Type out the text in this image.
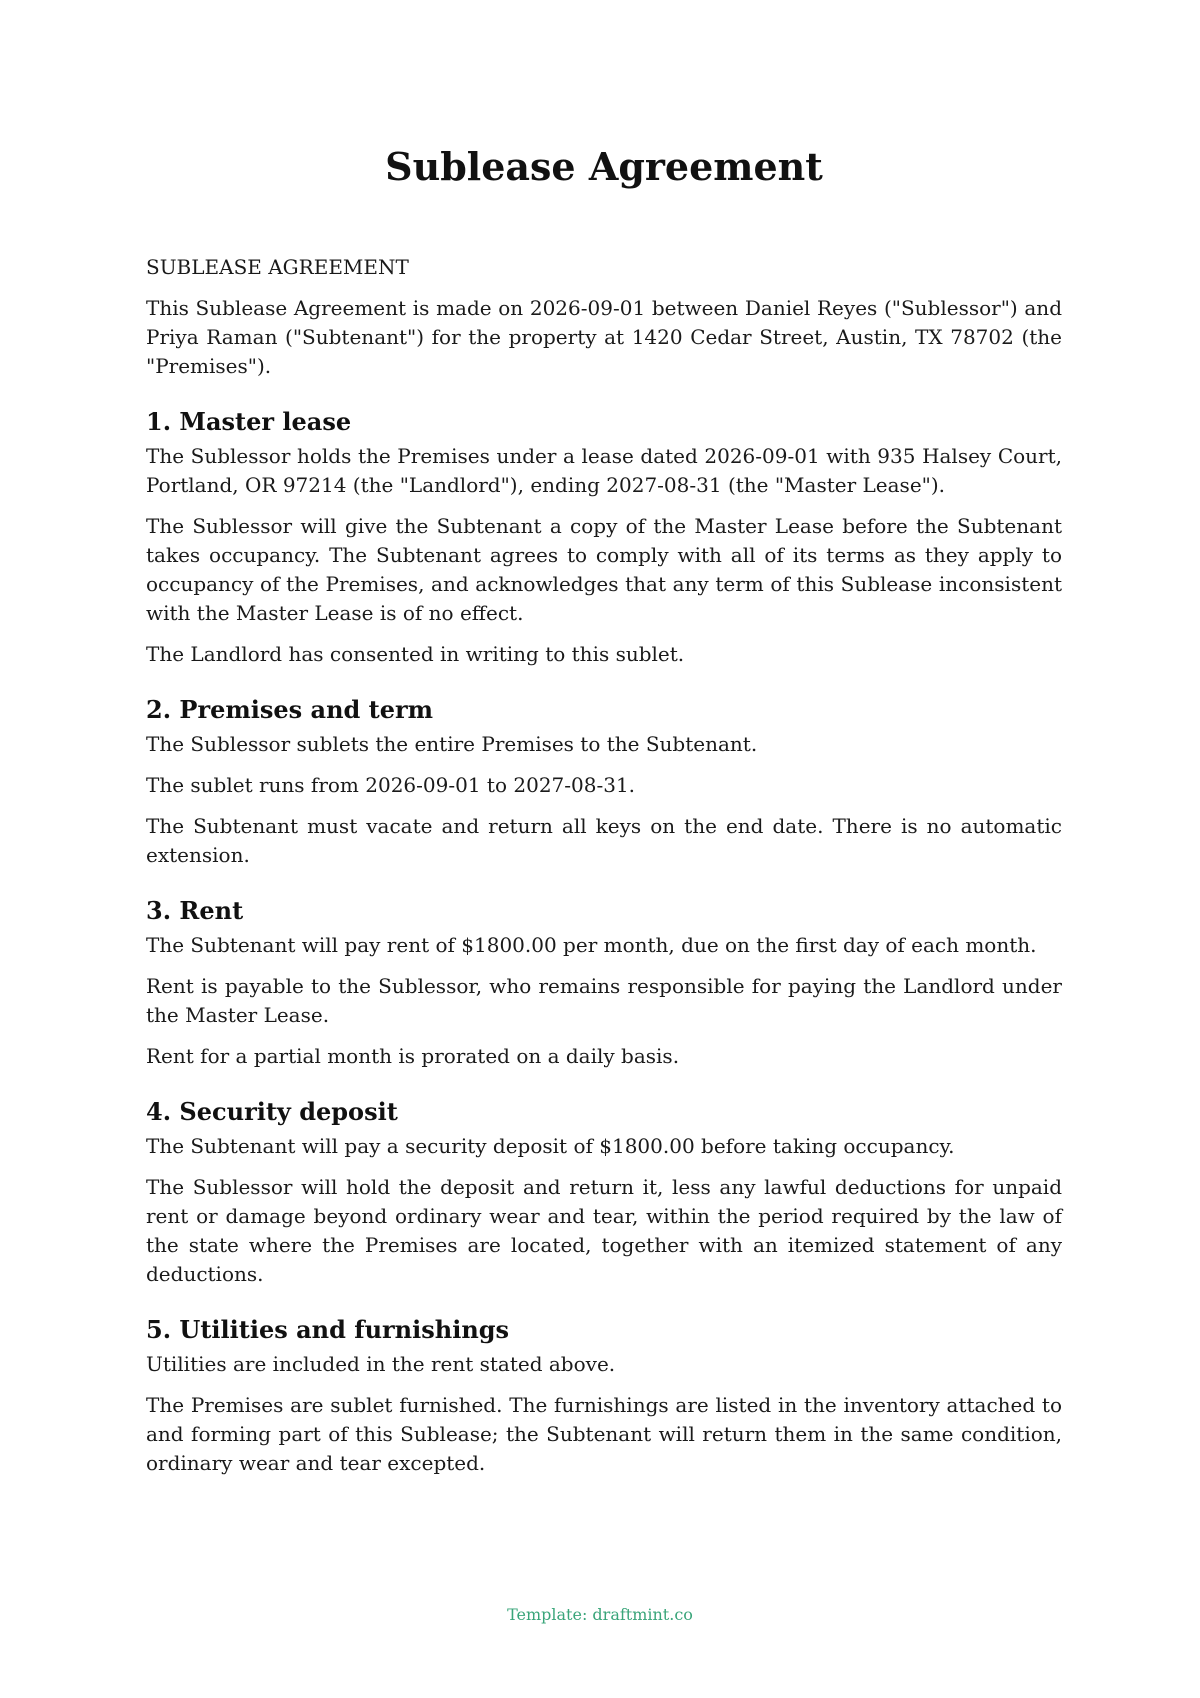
Sublease Agreement
SUBLEASE AGREEMENT

This Sublease Agreement is made on 2026-09-01 between Daniel Reyes ("Sublessor") and Priya Raman ("Subtenant") for the property at 1420 Cedar Street, Austin, TX 78702 (the "Premises").

1. Master lease

The Sublessor holds the Premises under a lease dated 2026-09-01 with 935 Halsey Court, Portland, OR 97214 (the "Landlord"), ending 2027-08-31 (the "Master Lease").

The Sublessor will give the Subtenant a copy of the Master Lease before the Subtenant takes occupancy. The Subtenant agrees to comply with all of its terms as they apply to occupancy of the Premises, and acknowledges that any term of this Sublease inconsistent with the Master Lease is of no effect.

The Landlord has consented in writing to this sublet.

2. Premises and term

The Sublessor sublets the entire Premises to the Subtenant.

The sublet runs from 2026-09-01 to 2027-08-31.

The Subtenant must vacate and return all keys on the end date. There is no automatic extension.

3. Rent

The Subtenant will pay rent of $1800.00 per month, due on the first day of each month.

Rent is payable to the Sublessor, who remains responsible for paying the Landlord under the Master Lease.

Rent for a partial month is prorated on a daily basis.

4. Security deposit

The Subtenant will pay a security deposit of $1800.00 before taking occupancy.

The Sublessor will hold the deposit and return it, less any lawful deductions for unpaid rent or damage beyond ordinary wear and tear, within the period required by the law of the state where the Premises are located, together with an itemized statement of any deductions.

5. Utilities and furnishings

Utilities are included in the rent stated above.

The Premises are sublet furnished. The furnishings are listed in the inventory attached to and forming part of this Sublease; the Subtenant will return them in the same condition, ordinary wear and tear excepted.

Template: draftmint.co
